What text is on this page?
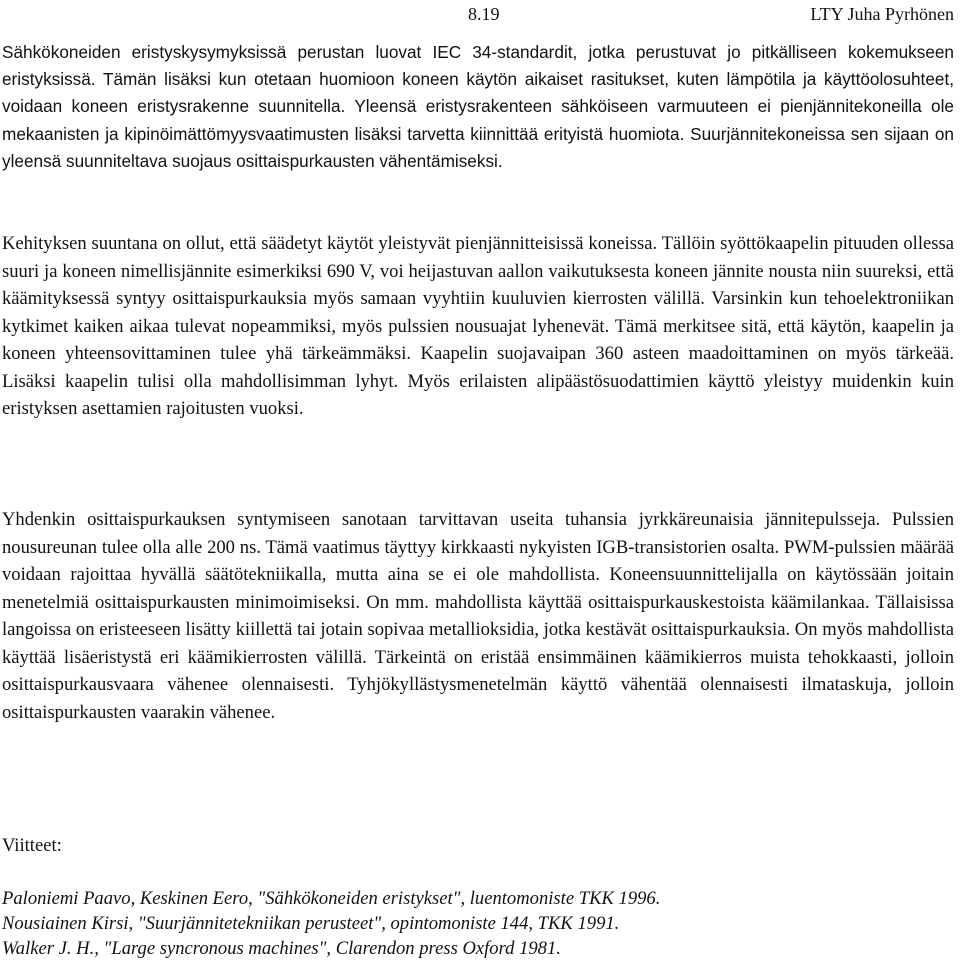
8.19	LTY Juha Pyrhönen

Sähkökoneiden eristyskysymyksissä perustan luovat IEC 34-standardit, jotka perustuvat jo pitkälliseen kokemukseen eristyksissä. Tämän lisäksi kun otetaan huomioon koneen käytön aikaiset rasitukset, kuten lämpötila ja käyttöolosuhteet, voidaan koneen eristysrakenne suunnitella. Yleensä eristysrakenteen sähköiseen varmuuteen ei pienjännitekoneilla ole mekaanisten ja kipinöimättömyysvaatimusten lisäksi tarvetta kiinnittää erityistä huomiota. Suurjännitekoneissa sen sijaan on yleensä suunniteltava suojaus osittaispurkausten vähentämiseksi.

Kehityksen suuntana on ollut, että säädetyt käytöt yleistyvät pienjännitteisissä koneissa. Tällöin syöttökaapelin pituuden ollessa suuri ja koneen nimellisjännite esimerkiksi 690 V, voi heijastuvan aallon vaikutuksesta koneen jännite nousta niin suureksi, että käämityksessä syntyy osittaispurkauksia myös samaan vyyhtiin kuuluvien kierrosten välillä. Varsinkin kun tehoelektroniikan kytkimet kaiken aikaa tulevat nopeammiksi, myös pulssien nousuajat lyhenevät. Tämä merkitsee sitä, että käytön, kaapelin ja koneen yhteensovittaminen tulee yhä tärkeämmäksi. Kaapelin suojavaipan 360 asteen maadoittaminen on myös tärkeää. Lisäksi kaapelin tulisi olla mahdollisimman lyhyt. Myös erilaisten alipäästösuodattimien käyttö yleistyy muidenkin kuin eristyksen asettamien rajoitusten vuoksi.

Yhdenkin osittaispurkauksen syntymiseen sanotaan tarvittavan useita tuhansia jyrkkäreunaisia jännitepulsseja. Pulssien nousureunan tulee olla alle 200 ns. Tämä vaatimus täyttyy kirkkaasti nykyisten IGB-transistorien osalta. PWM-pulssien määrää voidaan rajoittaa hyvällä säätötekniikalla, mutta aina se ei ole mahdollista. Koneensuunnittelijalla on käytössään joitain menetelmiä osittaispurkausten minimoimiseksi. On mm. mahdollista käyttää osittaispurkauskestoista käämilankaa. Tällaisissa langoissa on eristeeseen lisätty kiillettä tai jotain sopivaa metallioksidia, jotka kestävät osittaispurkauksia. On myös mahdollista käyttää lisäeristystä eri käämikierrosten välillä. Tärkeintä on eristää ensimmäinen käämikierros muista tehokkaasti, jolloin osittaispurkausvaara vähenee olennaisesti. Tyhjökyllästysmenetelmän käyttö vähentää olennaisesti ilmataskuja, jolloin osittaispurkausten vaarakin vähenee.

Viitteet:

Paloniemi Paavo, Keskinen Eero, "Sähkökoneiden eristykset", luentomoniste TKK 1996.
Nousiainen Kirsi, "Suurjännitetekniikan perusteet", opintomoniste 144, TKK 1991.
Walker J. H., "Large syncronous machines", Clarendon press Oxford 1981.
